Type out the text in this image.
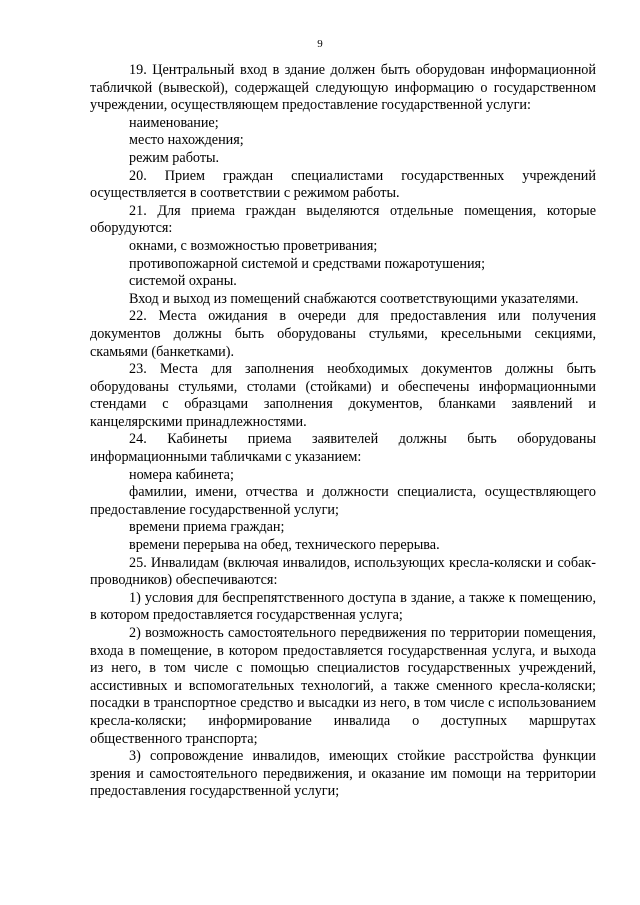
9

19. Центральный вход в здание должен быть оборудован информационной табличкой (вывеской), содержащей следующую информацию о государственном учреждении, осуществляющем предоставление государственной услуги:

наименование;

место нахождения;

режим работы.

20. Прием граждан специалистами государственных учреждений осуществляется в соответствии с режимом работы.

21. Для приема граждан выделяются отдельные помещения, которые оборудуются:

окнами, с возможностью проветривания;

противопожарной системой и средствами пожаротушения;

системой охраны.

Вход и выход из помещений снабжаются соответствующими указателями.

22. Места ожидания в очереди для предоставления или получения документов должны быть оборудованы стульями, кресельными секциями, скамьями (банкетками).

23. Места для заполнения необходимых документов должны быть оборудованы стульями, столами (стойками) и обеспечены информационными стендами с образцами заполнения документов, бланками заявлений и канцелярскими принадлежностями.

24. Кабинеты приема заявителей должны быть оборудованы информационными табличками с указанием:

номера кабинета;

фамилии, имени, отчества и должности специалиста, осуществляющего предоставление государственной услуги;

времени приема граждан;

времени перерыва на обед, технического перерыва.

25. Инвалидам (включая инвалидов, использующих кресла-коляски и собак-проводников) обеспечиваются:

1) условия для беспрепятственного доступа в здание, а также к помещению, в котором предоставляется государственная услуга;

2) возможность самостоятельного передвижения по территории помещения, входа в помещение, в котором предоставляется государственная услуга, и выхода из него, в том числе с помощью специалистов государственных учреждений, ассистивных и вспомогательных технологий, а также сменного кресла-коляски; посадки в транспортное средство и высадки из него, в том числе с использованием кресла-коляски; информирование инвалида о доступных маршрутах общественного транспорта;

3) сопровождение инвалидов, имеющих стойкие расстройства функции зрения и самостоятельного передвижения, и оказание им помощи на территории предоставления государственной услуги;
